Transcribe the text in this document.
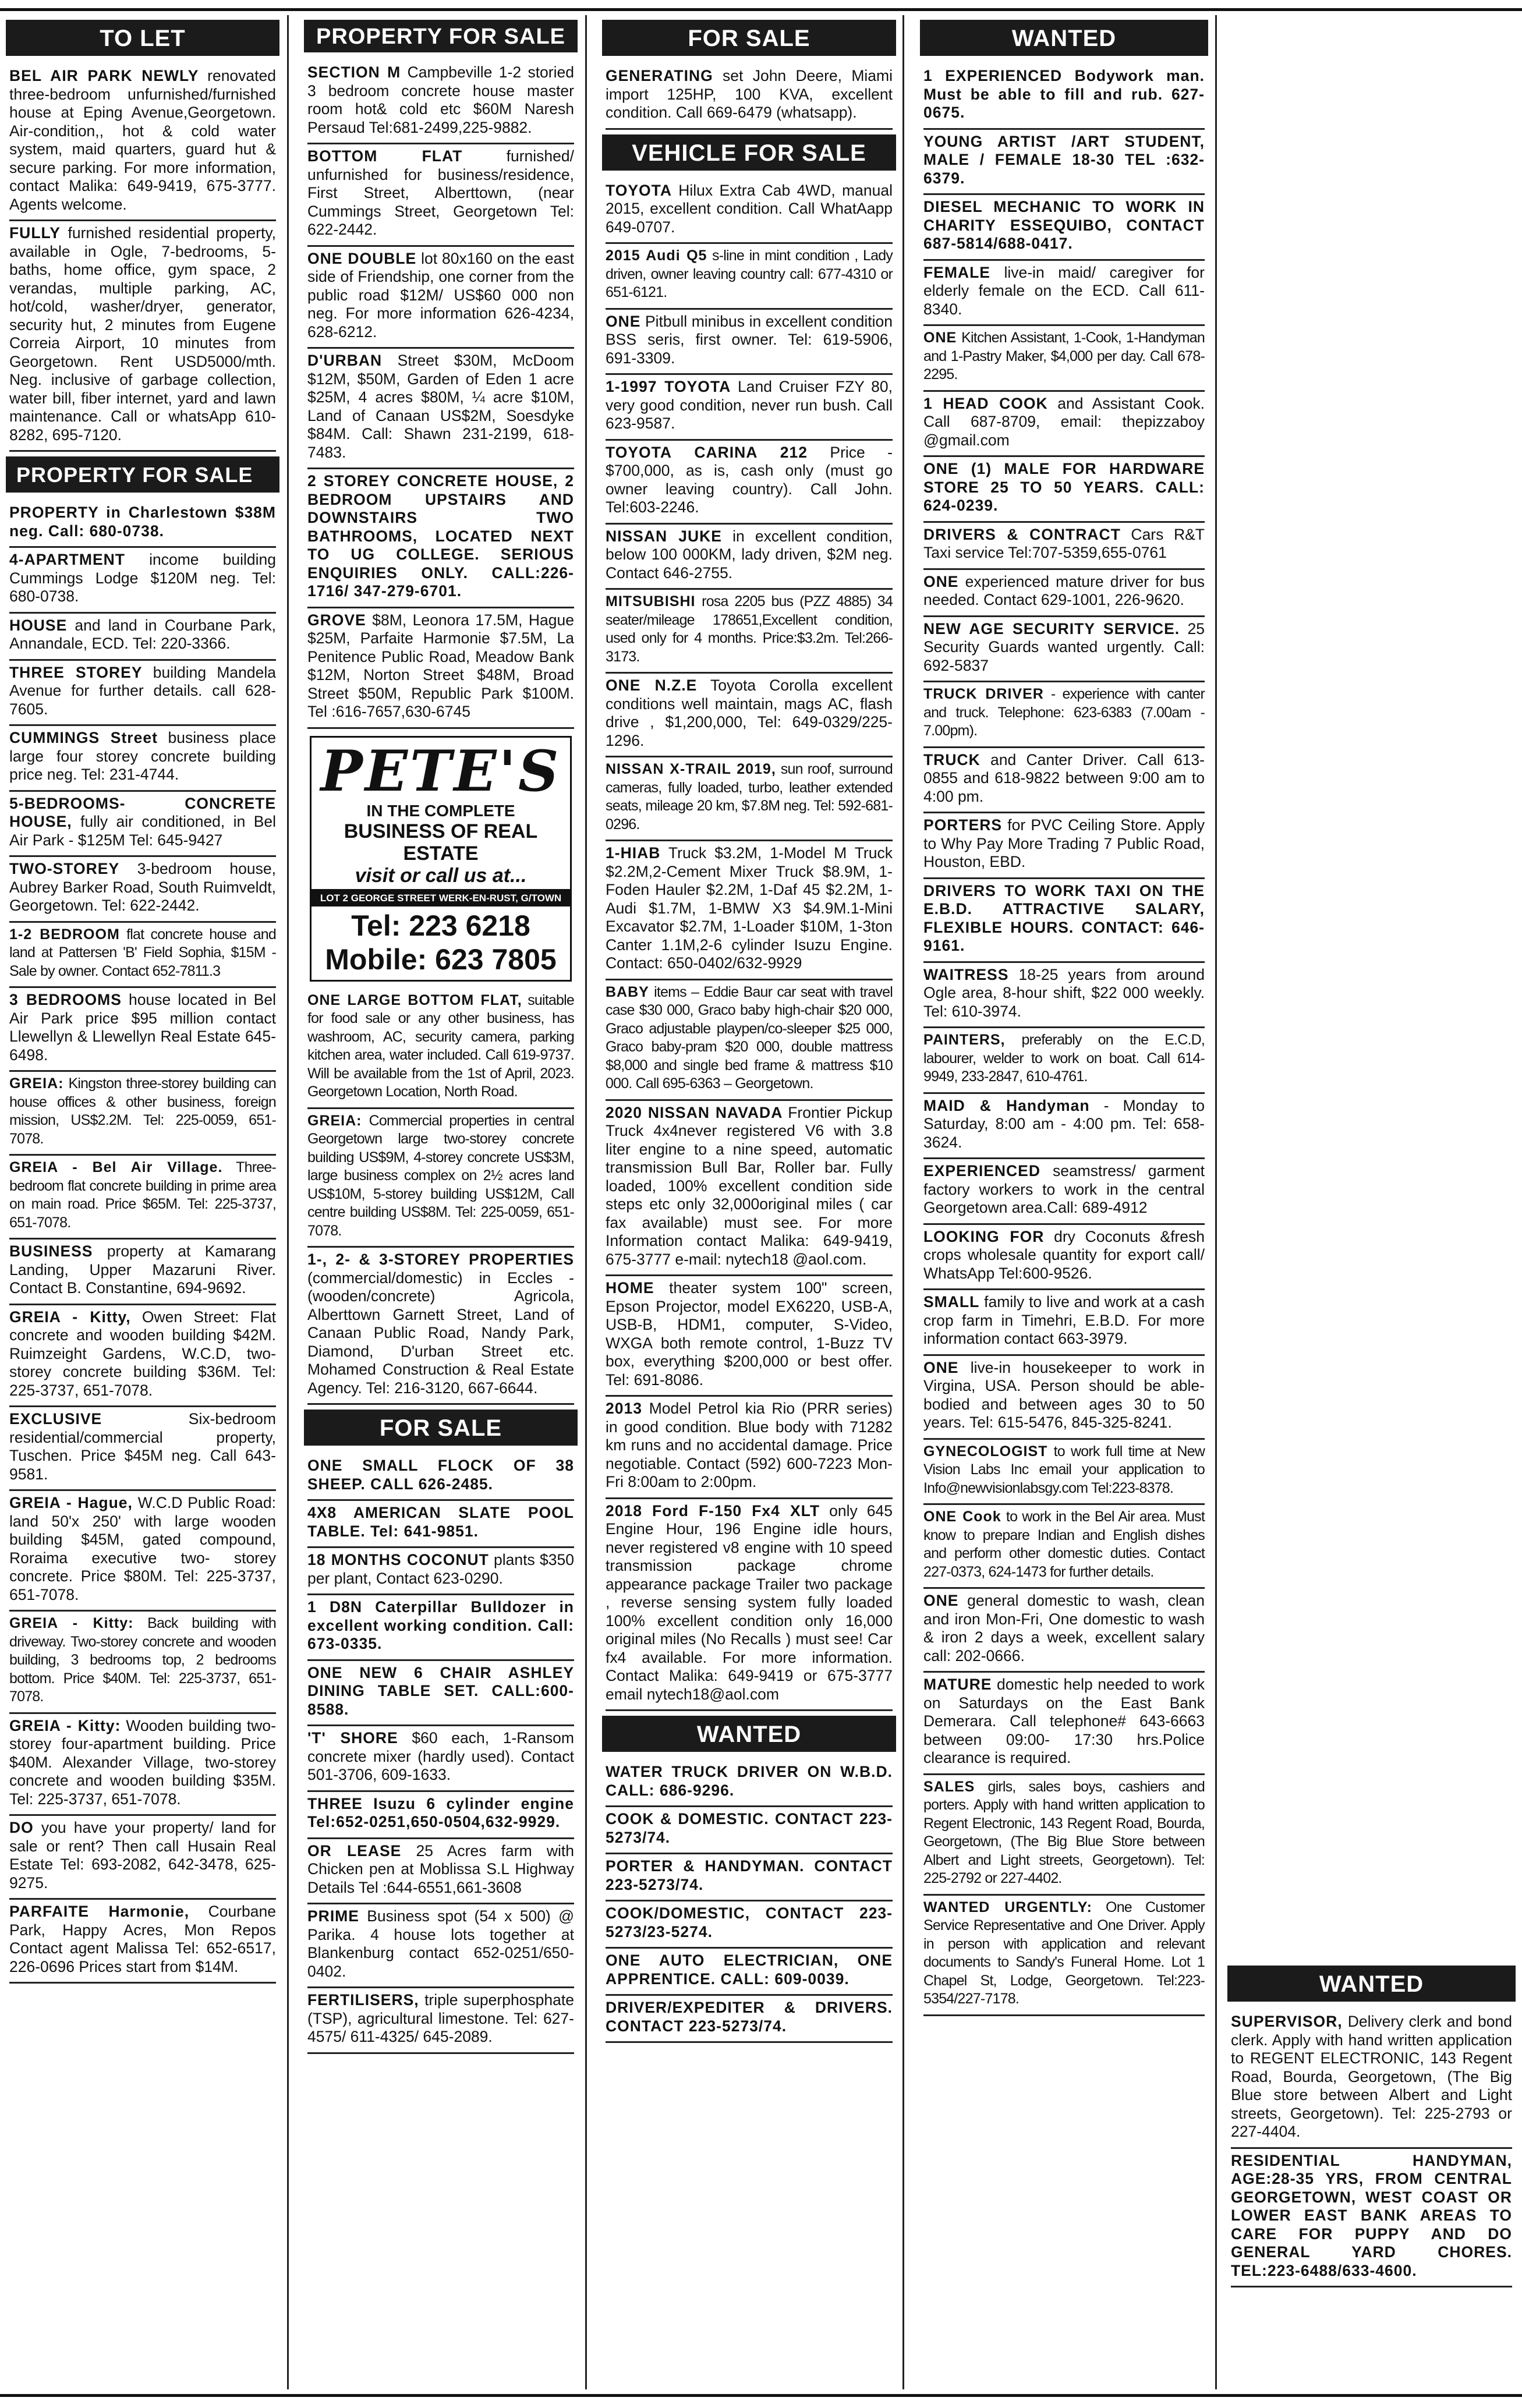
TO LET
BEL AIR PARK NEWLY renovated three-bedroom unfurnished/furnished house at Eping Avenue,Georgetown. Air-condition,, hot & cold water system, maid quarters, guard hut & secure parking. For more information, contact Malika: 649-9419, 675-3777. Agents welcome.
FULLY furnished residential property, available in Ogle, 7-bedrooms, 5-baths, home office, gym space, 2 verandas, multiple parking, AC, hot/cold, washer/dryer, generator, security hut, 2 minutes from Eugene Correia Airport, 10 minutes from Georgetown. Rent USD5000/mth. Neg. inclusive of garbage collection, water bill, fiber internet, yard and lawn maintenance. Call or whatsApp 610-8282, 695-7120.
PROPERTY FOR SALE
PROPERTY in Charlestown $38M neg. Call: 680-0738.
4-APARTMENT income building Cummings Lodge $120M neg. Tel: 680-0738.
HOUSE and land in Courbane Park, Annandale, ECD. Tel: 220-3366.
THREE STOREY building Mandela Avenue for further details. call 628-7605.
CUMMINGS Street business place large four storey concrete building price neg. Tel: 231-4744.
5-BEDROOMS- CONCRETE HOUSE, fully air conditioned, in Bel Air Park - $125M Tel: 645-9427
TWO-STOREY 3-bedroom house, Aubrey Barker Road, South Ruimveldt, Georgetown. Tel: 622-2442.
1-2 BEDROOM flat concrete house and land at Pattersen 'B' Field Sophia, $15M - Sale by owner. Contact 652-7811.3
3 BEDROOMS house located in Bel Air Park price $95 million contact Llewellyn & Llewellyn Real Estate 645-6498.
GREIA: Kingston three-storey building can house offices & other business, foreign mission, US$2.2M. Tel: 225-0059, 651-7078.
GREIA - Bel Air Village. Three-bedroom flat concrete building in prime area on main road. Price $65M. Tel: 225-3737, 651-7078.
BUSINESS property at Kamarang Landing, Upper Mazaruni River. Contact B. Constantine, 694-9692.
GREIA - Kitty, Owen Street: Flat concrete and wooden building $42M. Ruimzeight Gardens, W.C.D, two-storey concrete building $36M. Tel: 225-3737, 651-7078.
EXCLUSIVE Six-bedroom residential/commercial property, Tuschen. Price $45M neg. Call 643-9581.
GREIA - Hague, W.C.D Public Road: land 50'x 250' with large wooden building $45M, gated compound, Roraima executive two- storey concrete. Price $80M. Tel: 225-3737, 651-7078.
GREIA - Kitty: Back building with driveway. Two-storey concrete and wooden building, 3 bedrooms top, 2 bedrooms bottom. Price $40M. Tel: 225-3737, 651-7078.
GREIA - Kitty: Wooden building two-storey four-apartment building. Price $40M. Alexander Village, two-storey concrete and wooden building $35M. Tel: 225-3737, 651-7078.
DO you have your property/ land for sale or rent? Then call Husain Real Estate Tel: 693-2082, 642-3478, 625-9275.
PARFAITE Harmonie, Courbane Park, Happy Acres, Mon Repos Contact agent Malissa Tel: 652-6517, 226-0696 Prices start from $14M.
PROPERTY FOR SALE
SECTION M Campbeville 1-2 storied 3 bedroom concrete house master room hot& cold etc $60M Naresh Persaud Tel:681-2499,225-9882.
BOTTOM FLAT furnished/ unfurnished for business/residence, First Street, Alberttown, (near Cummings Street, Georgetown Tel: 622-2442.
ONE DOUBLE lot 80x160 on the east side of Friendship, one corner from the public road $12M/ US$60 000 non neg. For more information 626-4234, 628-6212.
D'URBAN Street $30M, McDoom $12M, $50M, Garden of Eden 1 acre $25M, 4 acres $80M, ¼ acre $10M, Land of Canaan US$2M, Soesdyke $84M. Call: Shawn 231-2199, 618-7483.
2 STOREY CONCRETE HOUSE, 2 BEDROOM UPSTAIRS AND DOWNSTAIRS TWO BATHROOMS, LOCATED NEXT TO UG COLLEGE. SERIOUS ENQUIRIES ONLY. CALL:226-1716/ 347-279-6701.
GROVE $8M, Leonora 17.5M, Hague $25M, Parfaite Harmonie $7.5M, La Penitence Public Road, Meadow Bank $12M, Norton Street $48M, Broad Street $50M, Republic Park $100M. Tel :616-7657,630-6745
PETE'S
IN THE COMPLETE
BUSINESS OF REAL ESTATE
visit or call us at...
LOT 2 GEORGE STREET WERK-EN-RUST, G/TOWN
Tel: 223 6218
Mobile: 623 7805
ONE LARGE BOTTOM FLAT, suitable for food sale or any other business, has washroom, AC, security camera, parking kitchen area, water included. Call 619-9737. Will be available from the 1st of April, 2023. Georgetown Location, North Road.
GREIA: Commercial properties in central Georgetown large two-storey concrete building US$9M, 4-storey concrete US$3M, large business complex on 2½ acres land US$10M, 5-storey building US$12M, Call centre building US$8M. Tel: 225-0059, 651-7078.
1-, 2- & 3-STOREY PROPERTIES (commercial/domestic) in Eccles - (wooden/concrete) Agricola, Alberttown Garnett Street, Land of Canaan Public Road, Nandy Park, Diamond, D'urban Street etc. Mohamed Construction & Real Estate Agency. Tel: 216-3120, 667-6644.
FOR SALE
ONE SMALL FLOCK OF 38 SHEEP. CALL 626-2485.
4X8 AMERICAN SLATE POOL TABLE. Tel: 641-9851.
18 MONTHS COCONUT plants $350 per plant, Contact 623-0290.
1 D8N Caterpillar Bulldozer in excellent working condition. Call: 673-0335.
ONE NEW 6 CHAIR ASHLEY DINING TABLE SET. CALL:600-8588.
'T' SHORE $60 each, 1-Ransom concrete mixer (hardly used). Contact 501-3706, 609-1633.
THREE Isuzu 6 cylinder engine Tel:652-0251,650-0504,632-9929.
OR LEASE 25 Acres farm with Chicken pen at Moblissa S.L Highway Details Tel :644-6551,661-3608
PRIME Business spot (54 x 500) @ Parika. 4 house lots together at Blankenburg contact 652-0251/650-0402.
FERTILISERS, triple superphosphate (TSP), agricultural limestone. Tel: 627-4575/ 611-4325/ 645-2089.
FOR SALE
GENERATING set John Deere, Miami import 125HP, 100 KVA, excellent condition. Call 669-6479 (whatsapp).
VEHICLE FOR SALE
TOYOTA Hilux Extra Cab 4WD, manual 2015, excellent condition. Call WhatAapp 649-0707.
2015 Audi Q5 s-line in mint condition , Lady driven, owner leaving country call: 677-4310 or 651-6121.
ONE Pitbull minibus in excellent condition BSS seris, first owner. Tel: 619-5906, 691-3309.
1-1997 TOYOTA Land Cruiser FZY 80, very good condition, never run bush. Call 623-9587.
TOYOTA CARINA 212 Price - $700,000, as is, cash only (must go owner leaving country). Call John. Tel:603-2246.
NISSAN JUKE in excellent condition, below 100 000KM, lady driven, $2M neg. Contact 646-2755.
MITSUBISHI rosa 2205 bus (PZZ 4885) 34 seater/mileage 178651,Excellent condition, used only for 4 months. Price:$3.2m. Tel:266-3173.
ONE N.Z.E Toyota Corolla excellent conditions well maintain, mags AC, flash drive , $1,200,000, Tel: 649-0329/225-1296.
NISSAN X-TRAIL 2019, sun roof, surround cameras, fully loaded, turbo, leather extended seats, mileage 20 km, $7.8M neg. Tel: 592-681-0296.
1-HIAB Truck $3.2M, 1-Model M Truck $2.2M,2-Cement Mixer Truck $8.9M, 1-Foden Hauler $2.2M, 1-Daf 45 $2.2M, 1-Audi $1.7M, 1-BMW X3 $4.9M.1-Mini Excavator $2.7M, 1-Loader $10M, 1-3ton Canter 1.1M,2-6 cylinder Isuzu Engine. Contact: 650-0402/632-9929
BABY items – Eddie Baur car seat with travel case $30 000, Graco baby high-chair $20 000, Graco adjustable playpen/co-sleeper $25 000, Graco baby-pram $20 000, double mattress $8,000 and single bed frame & mattress $10 000. Call 695-6363 – Georgetown.
2020 NISSAN NAVADA Frontier Pickup Truck 4x4never registered V6 with 3.8 liter engine to a nine speed, automatic transmission Bull Bar, Roller bar. Fully loaded, 100% excellent condition side steps etc only 32,000original miles ( car fax available) must see. For more Information contact Malika: 649-9419, 675-3777 e-mail: nytech18 @aol.com.
HOME theater system 100" screen, Epson Projector, model EX6220, USB-A, USB-B, HDM1, computer, S-Video, WXGA both remote control, 1-Buzz TV box, everything $200,000 or best offer. Tel: 691-8086.
2013 Model Petrol kia Rio (PRR series) in good condition. Blue body with 71282 km runs and no accidental damage. Price negotiable. Contact (592) 600-7223 Mon-Fri 8:00am to 2:00pm.
2018 Ford F-150 Fx4 XLT only 645 Engine Hour, 196 Engine idle hours, never registered v8 engine with 10 speed transmission package chrome appearance package Trailer two package , reverse sensing system fully loaded 100% excellent condition only 16,000 original miles (No Recalls ) must see! Car fx4 available. For more information. Contact Malika: 649-9419 or 675-3777 email nytech18@aol.com
WANTED
WATER TRUCK DRIVER ON W.B.D. CALL: 686-9296.
COOK & DOMESTIC. CONTACT 223-5273/74.
PORTER & HANDYMAN. CONTACT 223-5273/74.
COOK/DOMESTIC, CONTACT 223-5273/23-5274.
ONE AUTO ELECTRICIAN, ONE APPRENTICE. CALL: 609-0039.
DRIVER/EXPEDITER & DRIVERS. CONTACT 223-5273/74.
WANTED
1 EXPERIENCED Bodywork man. Must be able to fill and rub. 627-0675.
YOUNG ARTIST /ART STUDENT, MALE / FEMALE 18-30 TEL :632-6379.
DIESEL MECHANIC TO WORK IN CHARITY ESSEQUIBO, CONTACT 687-5814/688-0417.
FEMALE live-in maid/ caregiver for elderly female on the ECD. Call 611-8340.
ONE Kitchen Assistant, 1-Cook, 1-Handyman and 1-Pastry Maker, $4,000 per day. Call 678-2295.
1 HEAD COOK and Assistant Cook. Call 687-8709, email: thepizzaboy @gmail.com
ONE (1) MALE FOR HARDWARE STORE 25 TO 50 YEARS. CALL: 624-0239.
DRIVERS & CONTRACT Cars R&T Taxi service Tel:707-5359,655-0761
ONE experienced mature driver for bus needed. Contact 629-1001, 226-9620.
NEW AGE SECURITY SERVICE. 25 Security Guards wanted urgently. Call: 692-5837
TRUCK DRIVER - experience with canter and truck. Telephone: 623-6383 (7.00am - 7.00pm).
TRUCK and Canter Driver. Call 613-0855 and 618-9822 between 9:00 am to 4:00 pm.
PORTERS for PVC Ceiling Store. Apply to Why Pay More Trading 7 Public Road, Houston, EBD.
DRIVERS TO WORK TAXI ON THE E.B.D. ATTRACTIVE SALARY, FLEXIBLE HOURS. CONTACT: 646-9161.
WAITRESS 18-25 years from around Ogle area, 8-hour shift, $22 000 weekly. Tel: 610-3974.
PAINTERS, preferably on the E.C.D, labourer, welder to work on boat. Call 614-9949, 233-2847, 610-4761.
MAID & Handyman - Monday to Saturday, 8:00 am - 4:00 pm. Tel: 658-3624.
EXPERIENCED seamstress/ garment factory workers to work in the central Georgetown area.Call: 689-4912
LOOKING FOR dry Coconuts &fresh crops wholesale quantity for export call/ WhatsApp Tel:600-9526.
SMALL family to live and work at a cash crop farm in Timehri, E.B.D. For more information contact 663-3979.
ONE live-in housekeeper to work in Virgina, USA. Person should be able-bodied and between ages 30 to 50 years. Tel: 615-5476, 845-325-8241.
GYNECOLOGIST to work full time at New Vision Labs Inc email your application to Info@newvisionlabsgy.com Tel:223-8378.
ONE Cook to work in the Bel Air area. Must know to prepare Indian and English dishes and perform other domestic duties. Contact 227-0373, 624-1473 for further details.
ONE general domestic to wash, clean and iron Mon-Fri, One domestic to wash & iron 2 days a week, excellent salary call: 202-0666.
MATURE domestic help needed to work on Saturdays on the East Bank Demerara. Call telephone# 643-6663 between 09:00- 17:30 hrs.Police clearance is required.
SALES girls, sales boys, cashiers and porters. Apply with hand written application to Regent Electronic, 143 Regent Road, Bourda, Georgetown, (The Big Blue Store between Albert and Light streets, Georgetown). Tel: 225-2792 or 227-4402.
WANTED URGENTLY: One Customer Service Representative and One Driver. Apply in person with application and relevant documents to Sandy's Funeral Home. Lot 1 Chapel St, Lodge, Georgetown. Tel:223-5354/227-7178.
WANTED
SUPERVISOR, Delivery clerk and bond clerk. Apply with hand written application to REGENT ELECTRONIC, 143 Regent Road, Bourda, Georgetown, (The Big Blue store between Albert and Light streets, Georgetown). Tel: 225-2793 or 227-4404.
RESIDENTIAL HANDYMAN, AGE:28-35 YRS, FROM CENTRAL GEORGETOWN, WEST COAST OR LOWER EAST BANK AREAS TO CARE FOR PUPPY AND DO GENERAL YARD CHORES. TEL:223-6488/633-4600.
